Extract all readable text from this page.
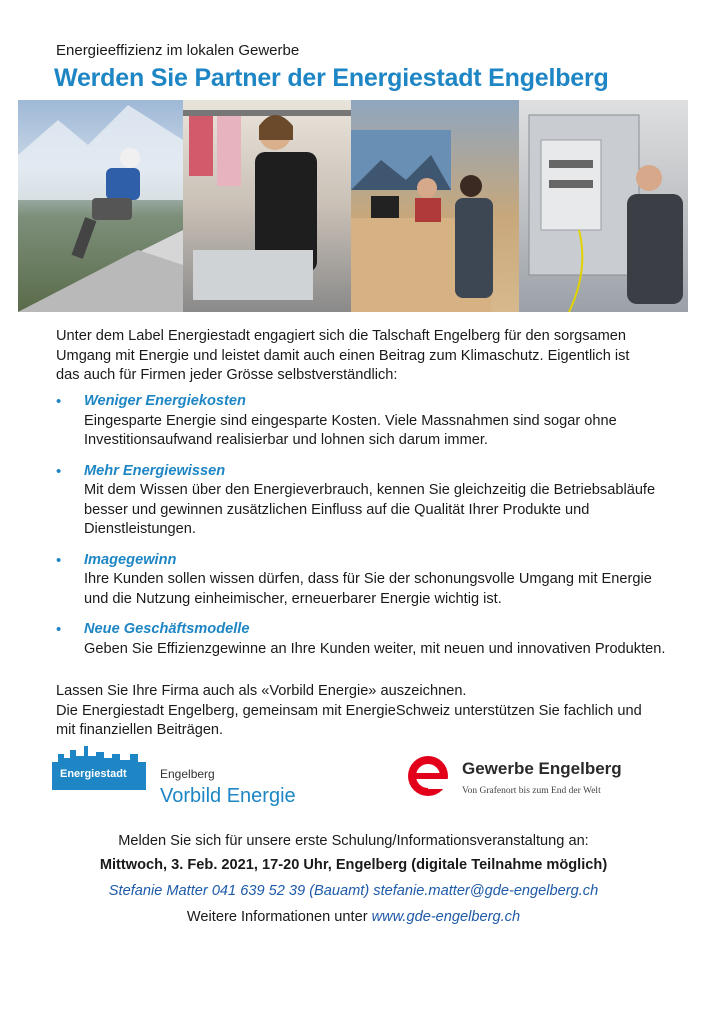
Energieeffizienz im lokalen Gewerbe
Werden Sie Partner der Energiestadt Engelberg
Unter dem Label Energiestadt engagiert sich die Talschaft Engelberg für den sorgsamen Umgang mit Energie und leistet damit auch einen Beitrag zum Klimaschutz. Eigentlich ist das auch für Firmen jeder Grösse selbstverständlich:
• Weniger Energiekosten
Eingesparte Energie sind eingesparte Kosten. Viele Massnahmen sind sogar ohne Investitionsaufwand realisierbar und lohnen sich darum immer.
• Mehr Energiewissen
Mit dem Wissen über den Energieverbrauch, kennen Sie gleichzeitig die Betriebsabläufe besser und gewinnen zusätzlichen Einfluss auf die Qualität Ihrer Produkte und Dienstleistungen.
• Imagegewinn
Ihre Kunden sollen wissen dürfen, dass für Sie der schonungsvolle Umgang mit Energie und die Nutzung einheimischer, erneuerbarer Energie wichtig ist.
• Neue Geschäftsmodelle
Geben Sie Effizienzgewinne an Ihre Kunden weiter, mit neuen und innovativen Produkten.
Lassen Sie Ihre Firma auch als «Vorbild Energie» auszeichnen.
Die Energiestadt Engelberg, gemeinsam mit EnergieSchweiz unterstützen Sie fachlich und mit finanziellen Beiträgen.
Energiestadt	Engelberg
Vorbild Energie
Gewerbe Engelberg
Von Grafenort bis zum End der Welt
Melden Sie sich für unsere erste Schulung/Informationsveranstaltung an:
Mittwoch, 3. Feb. 2021, 17-20 Uhr, Engelberg (digitale Teilnahme möglich)
Stefanie Matter 041 639 52 39 (Bauamt) stefanie.matter@gde-engelberg.ch
Weitere Informationen unter www.gde-engelberg.ch
